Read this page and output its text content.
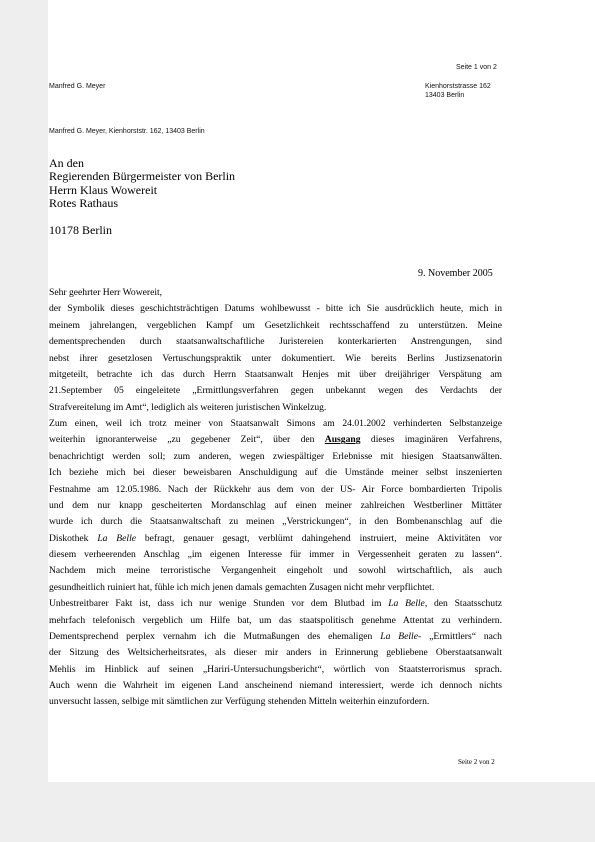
Seite 1 von 2
Manfred G. Meyer	Kienhorststrasse 162
13403 Berlin
Manfred G. Meyer, Kienhorststr. 162, 13403 Berlin
An den
Regierenden Bürgermeister von Berlin
Herrn Klaus Wowereit
Rotes Rathaus
10178 Berlin
9. November 2005
Sehr geehrter Herr Wowereit,
der Symbolik dieses geschichtsträchtigen Datums wohlbewusst - bitte ich Sie ausdrücklich heute, mich in
meinem jahrelangen, vergeblichen Kampf um Gesetzlichkeit rechtsschaffend zu unterstützen. Meine
dementsprechenden durch staatsanwaltschaftliche Juristereien konterkarierten Anstrengungen, sind
nebst ihrer gesetzlosen Vertuschungspraktik unter dokumentiert. Wie bereits Berlins Justizsenatorin
mitgeteilt, betrachte ich das durch Herrn Staatsanwalt Henjes mit über dreijähriger Verspätung am
21.September 05 eingeleitete „Ermittlungsverfahren gegen unbekannt wegen des Verdachts der
Strafvereitelung im Amt“, lediglich als weiteren juristischen Winkelzug.
Zum einen, weil ich trotz meiner von Staatsanwalt Simons am 24.01.2002 verhinderten Selbstanzeige
weiterhin ignoranterweise „zu gegebener Zeit“, über den Ausgang dieses imaginären Verfahrens,
benachrichtigt werden soll; zum anderen, wegen zwiespältiger Erlebnisse mit hiesigen Staatsanwälten.
Ich beziehe mich bei dieser beweisbaren Anschuldigung auf die Umstände meiner selbst inszenierten
Festnahme am 12.05.1986. Nach der Rückkehr aus dem von der US- Air Force bombardierten Tripolis
und dem nur knapp gescheiterten Mordanschlag auf einen meiner zahlreichen Westberliner Mittäter
wurde ich durch die Staatsanwaltschaft zu meinen „Verstrickungen“, in den Bombenanschlag auf die
Diskothek La Belle befragt, genauer gesagt, verblümt dahingehend instruiert, meine Aktivitäten vor
diesem verheerenden Anschlag „im eigenen Interesse für immer in Vergessenheit geraten zu lassen“.
Nachdem mich meine terroristische Vergangenheit eingeholt und sowohl wirtschaftlich, als auch
gesundheitlich ruiniert hat, fühle ich mich jenen damals gemachten Zusagen nicht mehr verpflichtet.
Unbestreitbarer Fakt ist, dass ich nur wenige Stunden vor dem Blutbad im La Belle, den Staatsschutz
mehrfach telefonisch vergeblich um Hilfe bat, um das staatspolitisch genehme Attentat zu verhindern.
Dementsprechend perplex vernahm ich die Mutmaßungen des ehemaligen La Belle- „Ermittlers“ nach
der Sitzung des Weltsicherheitsrates, als dieser mir anders in Erinnerung gebliebene Oberstaatsanwalt
Mehlis im Hinblick auf seinen „Hariri-Untersuchungsbericht“, wörtlich von Staatsterrorismus sprach.
Auch wenn die Wahrheit im eigenen Land anscheinend niemand interessiert, werde ich dennoch nichts
unversucht lassen, selbige mit sämtlichen zur Verfügung stehenden Mitteln weiterhin einzufordern.
Seite 2 von 2
